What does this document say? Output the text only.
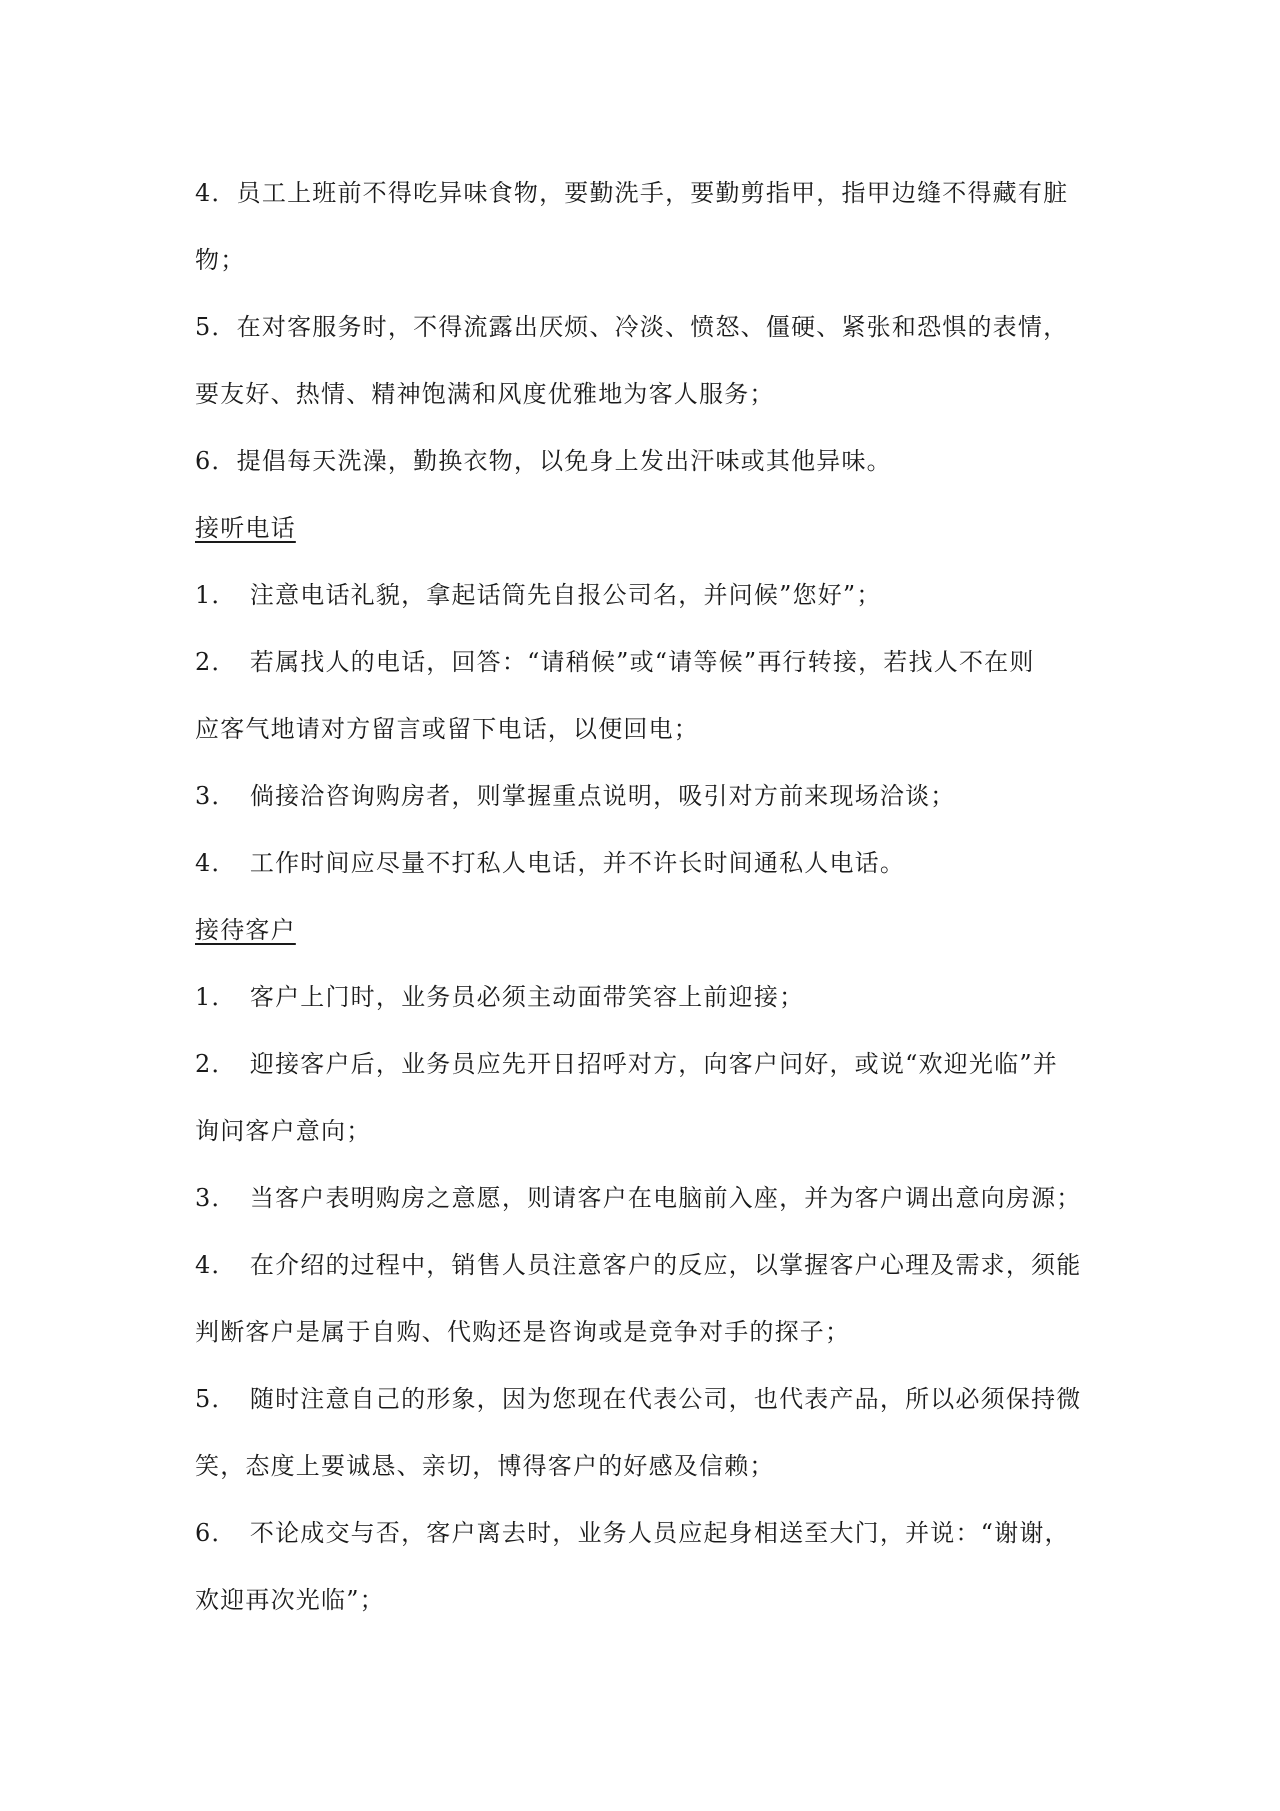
4．员工上班前不得吃异味食物，要勤洗手，要勤剪指甲，指甲边缝不得藏有脏
物；
5．在对客服务时，不得流露出厌烦、冷淡、愤怒、僵硬、紧张和恐惧的表情，
要友好、热情、精神饱满和风度优雅地为客人服务；
6．提倡每天洗澡，勤换衣物，以免身上发出汗味或其他异味。
接听电话
1．　注意电话礼貌，拿起话筒先自报公司名，并问候”您好”；
2．　若属找人的电话，回答：“请稍候”或“请等候”再行转接，若找人不在则
应客气地请对方留言或留下电话，以便回电；
3．　倘接洽咨询购房者，则掌握重点说明，吸引对方前来现场洽谈；
4．　工作时间应尽量不打私人电话，并不许长时间通私人电话。
接待客户
1．　客户上门时，业务员必须主动面带笑容上前迎接；
2．　迎接客户后，业务员应先开日招呼对方，向客户问好，或说“欢迎光临”并
询问客户意向；
3．　当客户表明购房之意愿，则请客户在电脑前入座，并为客户调出意向房源；
4．　在介绍的过程中，销售人员注意客户的反应，以掌握客户心理及需求，须能
判断客户是属于自购、代购还是咨询或是竞争对手的探子；
5．　随时注意自己的形象，因为您现在代表公司，也代表产品，所以必须保持微
笑，态度上要诚恳、亲切，博得客户的好感及信赖；
6．　不论成交与否，客户离去时，业务人员应起身相送至大门，并说：“谢谢，
欢迎再次光临”；
